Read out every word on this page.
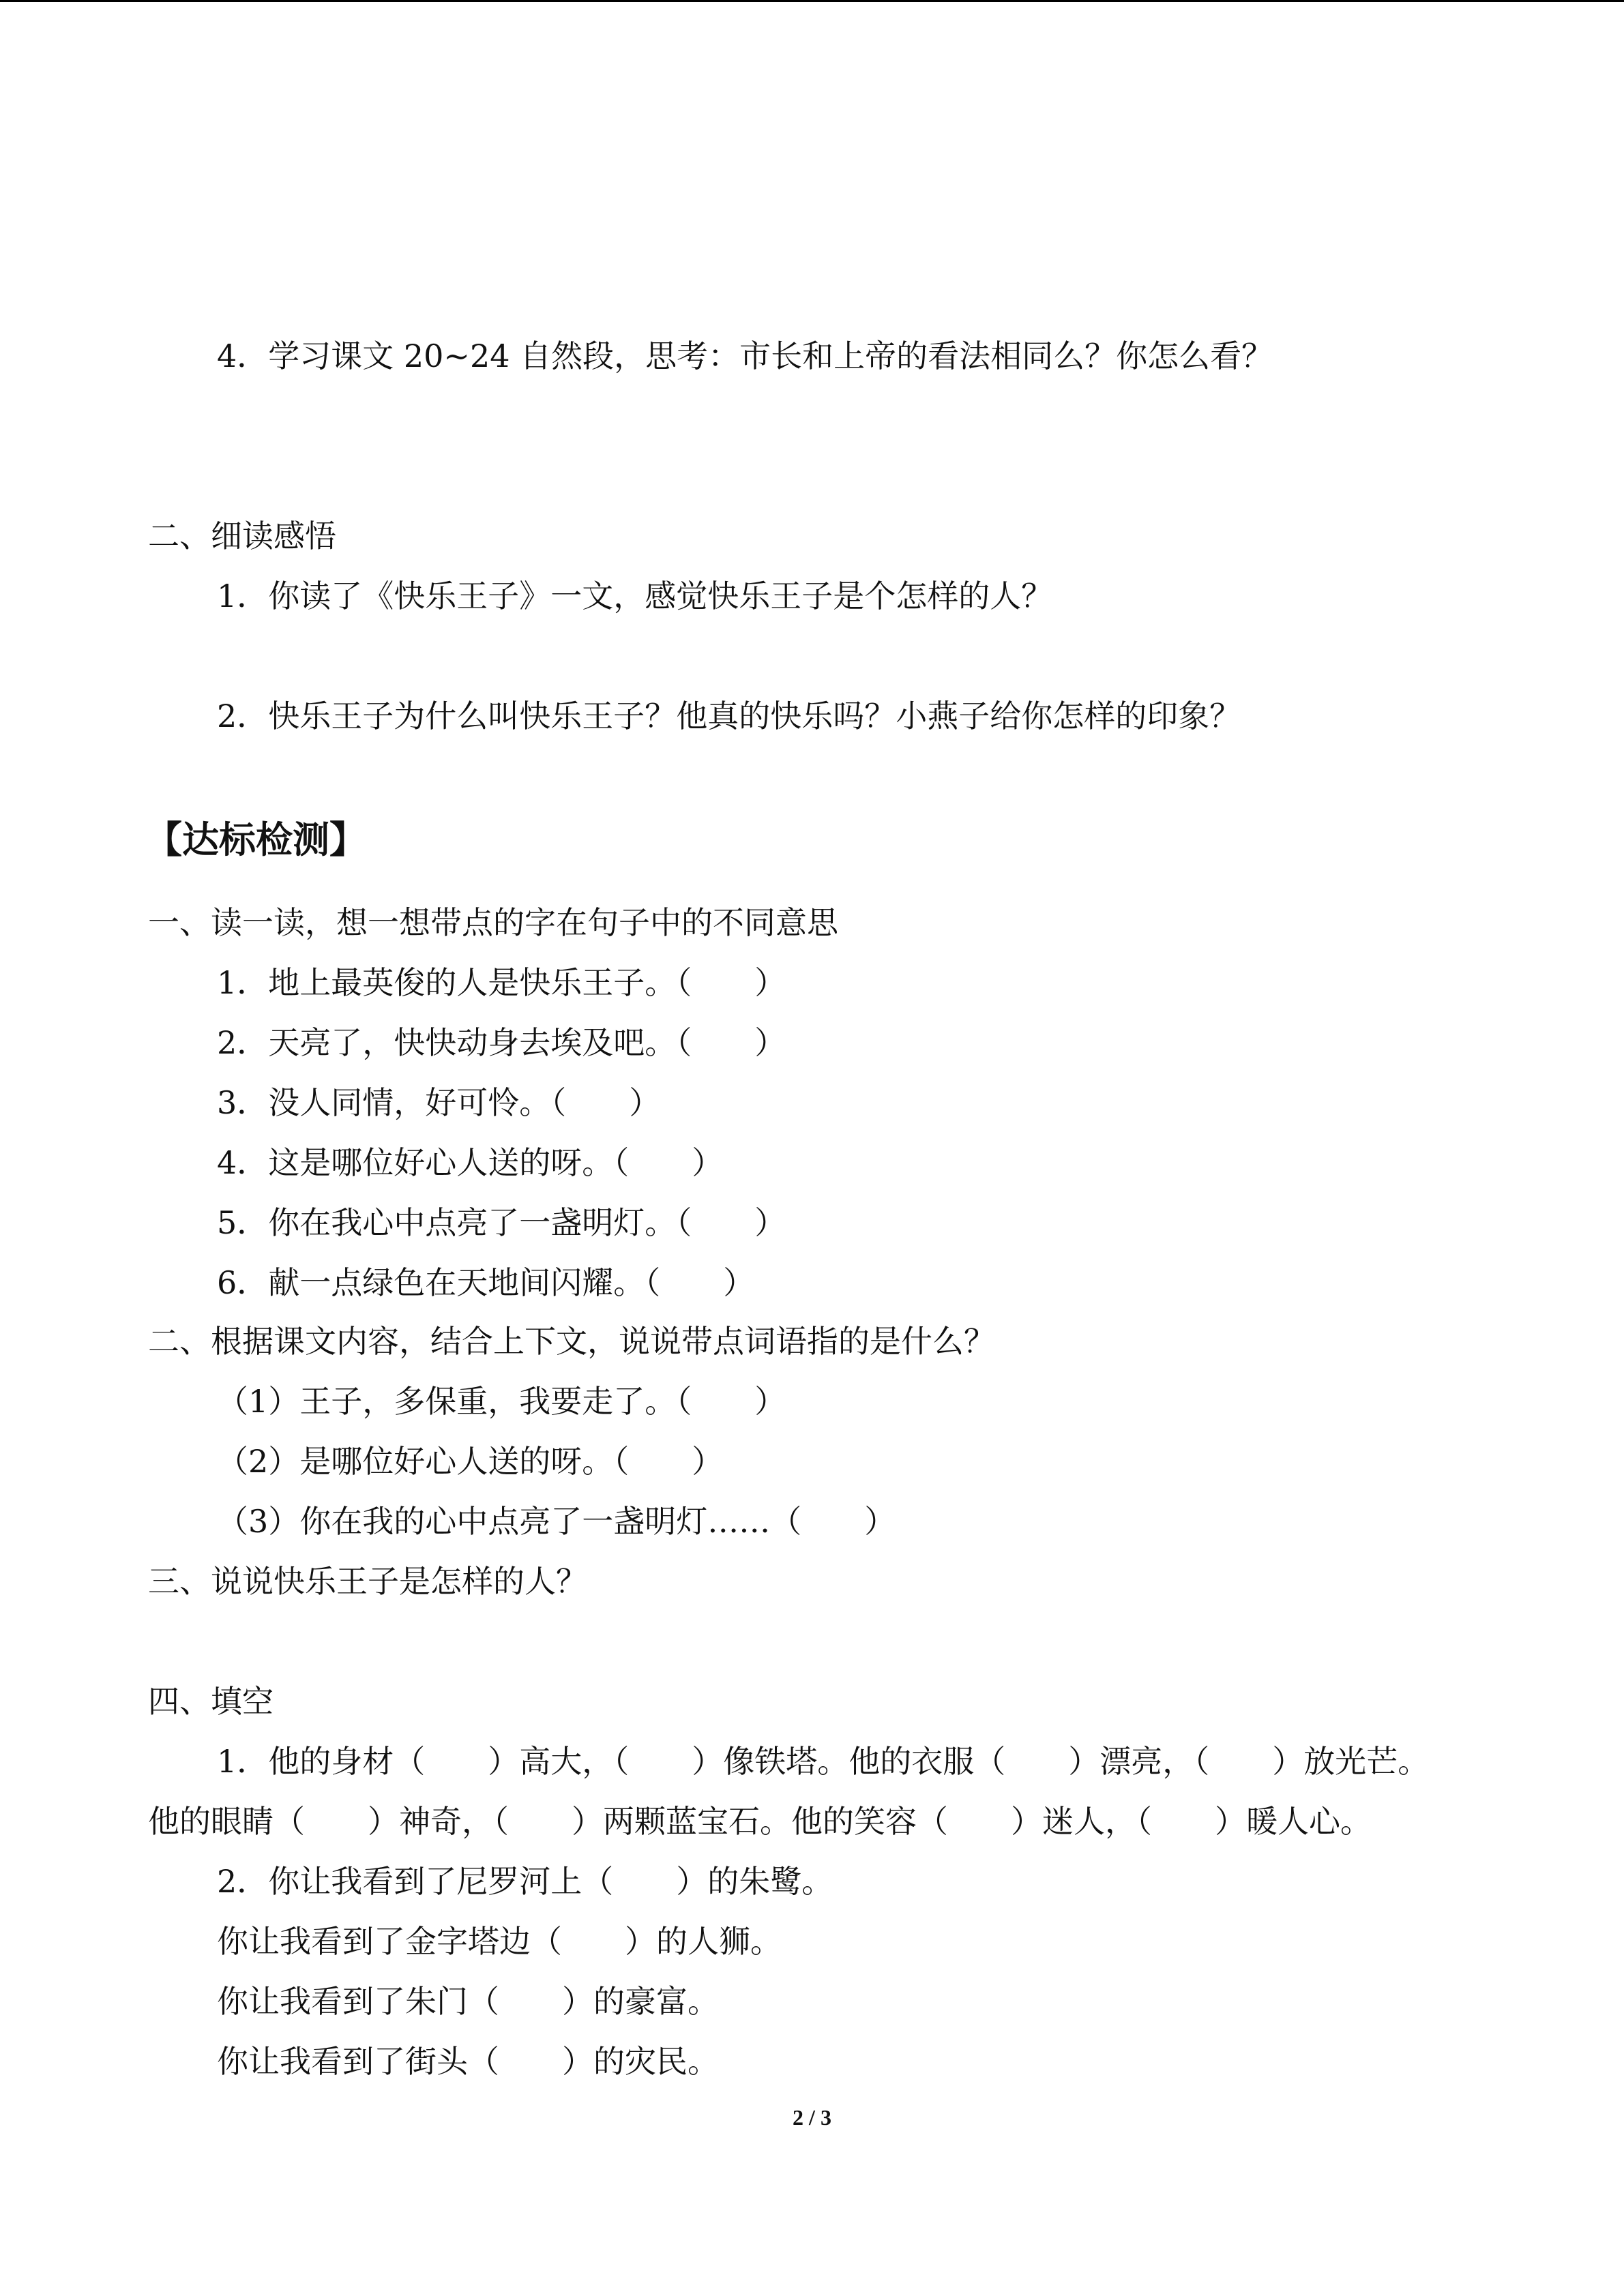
4．学习课文 20~24 自然段，思考：市长和上帝的看法相同么？你怎么看？
二、细读感悟
1．你读了《快乐王子》一文，感觉快乐王子是个怎样的人？
2．快乐王子为什么叫快乐王子？他真的快乐吗？小燕子给你怎样的印象？
【达标检测】
一、读一读，想一想带点的字在句子中的不同意思
1．地上最英俊的人是快乐王子。（　　）
2．天亮了，快快动身去埃及吧。（　　）
3．没人同情，好可怜。（　　）
4．这是哪位好心人送的呀。（　　）
5．你在我心中点亮了一盏明灯。（　　）
6．献一点绿色在天地间闪耀。（　　）
二、根据课文内容，结合上下文，说说带点词语指的是什么？
（1）王子，多保重，我要走了。（　　）
（2）是哪位好心人送的呀。（　　）
（3）你在我的心中点亮了一盏明灯……（　　）
三、说说快乐王子是怎样的人？
四、填空
1．他的身材（　　）高大，（　　）像铁塔。他的衣服（　　）漂亮，（　　）放光芒。
他的眼睛（　　）神奇，（　　）两颗蓝宝石。他的笑容（　　）迷人，（　　）暖人心。
2．你让我看到了尼罗河上（　　）的朱鹭。
你让我看到了金字塔边（　　）的人狮。
你让我看到了朱门（　　）的豪富。
你让我看到了街头（　　）的灾民。
2 / 3
